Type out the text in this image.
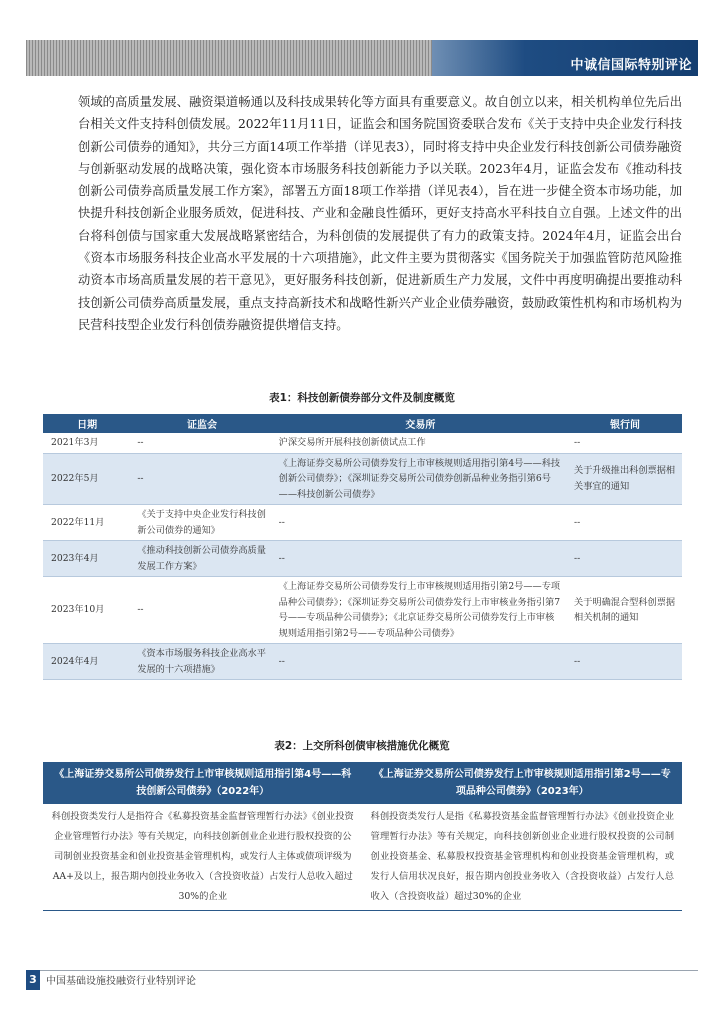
中诚信国际特别评论

领域的高质量发展、融资渠道畅通以及科技成果转化等方面具有重要意义。故自创立以来，相关机构单位先后出台相关文件支持科创债发展。2022年11月11日，证监会和国务院国资委联合发布《关于支持中央企业发行科技创新公司债券的通知》，共分三方面14项工作举措（详见表3），同时将支持中央企业发行科技创新公司债券融资与创新驱动发展的战略决策，强化资本市场服务科技创新能力予以关联。2023年4月，证监会发布《推动科技创新公司债券高质量发展工作方案》，部署五方面18项工作举措（详见表4），旨在进一步健全资本市场功能，加快提升科技创新企业服务质效，促进科技、产业和金融良性循环，更好支持高水平科技自立自强。上述文件的出台将科创债与国家重大发展战略紧密结合，为科创债的发展提供了有力的政策支持。2024年4月，证监会出台《资本市场服务科技企业高水平发展的十六项措施》，此文件主要为贯彻落实《国务院关于加强监管防范风险推动资本市场高质量发展的若干意见》，更好服务科技创新，促进新质生产力发展，文件中再度明确提出要推动科技创新公司债券高质量发展，重点支持高新技术和战略性新兴产业企业债券融资，鼓励政策性机构和市场机构为民营科技型企业发行科创债券融资提供增信支持。

表1：科技创新债券部分文件及制度概览
日期	证监会	交易所	银行间
2021年3月	--	沪深交易所开展科技创新债试点工作	--
2022年5月	--	《上海证券交易所公司债券发行上市审核规则适用指引第4号——科技创新公司债券》；《深圳证券交易所公司债券创新品种业务指引第6号——科技创新公司债券》	关于升级推出科创票据相关事宜的通知
2022年11月	《关于支持中央企业发行科技创新公司债券的通知》	--	--
2023年4月	《推动科技创新公司债券高质量发展工作方案》	--	--
2023年10月	--	《上海证券交易所公司债券发行上市审核规则适用指引第2号——专项品种公司债券》；《深圳证券交易所公司债券发行上市审核业务指引第7号——专项品种公司债券》；《北京证券交易所公司债券发行上市审核规则适用指引第2号——专项品种公司债券》	关于明确混合型科创票据相关机制的通知
2024年4月	《资本市场服务科技企业高水平发展的十六项措施》	--	--
表2：上交所科创债审核措施优化概览
《上海证券交易所公司债券发行上市审核规则适用指引第4号——科技创新公司债券》（2022年）	《上海证券交易所公司债券发行上市审核规则适用指引第2号——专项品种公司债券》（2023年）
科创投资类发行人是指符合《私募投资基金监督管理暂行办法》《创业投资企业管理暂行办法》等有关规定，向科技创新创业企业进行股权投资的公司制创业投资基金和创业投资基金管理机构，或发行人主体或债项评级为AA+及以上，报告期内创投业务收入（含投资收益）占发行人总收入超过30%的企业	科创投资类发行人是指《私募投资基金监督管理暂行办法》《创业投资企业管理暂行办法》等有关规定，向科技创新创业企业进行股权投资的公司制创业投资基金、私募股权投资基金管理机构和创业投资基金管理机构，或发行人信用状况良好，报告期内创投业务收入（含投资收益）占发行人总收入（含投资收益）超过30%的企业
3 中国基础设施投融资行业特别评论
